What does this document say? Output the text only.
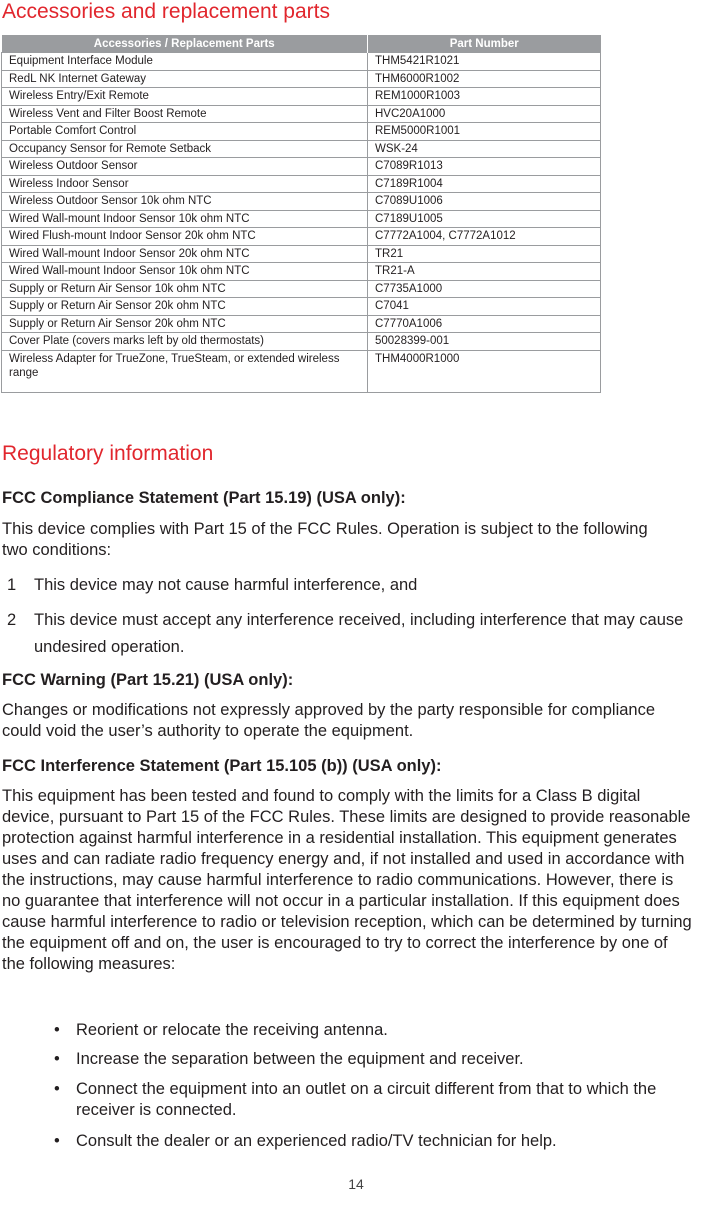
Accessories and replacement parts
Accessories / Replacement Parts	Part Number

Equipment Interface Module	THM5421R1021

RedL NK Internet Gateway	THM6000R1002

Wireless Entry/Exit Remote	REM1000R1003

Wireless Vent and Filter Boost Remote	HVC20A1000

Portable Comfort Control	REM5000R1001

Occupancy Sensor for Remote Setback	WSK-24

Wireless Outdoor Sensor	C7089R1013

Wireless Indoor Sensor	C7189R1004

Wireless Outdoor Sensor 10k ohm NTC	C7089U1006

Wired Wall-mount Indoor Sensor 10k ohm NTC	C7189U1005

Wired Flush-mount Indoor Sensor 20k ohm NTC	C7772A1004, C7772A1012

Wired Wall-mount Indoor Sensor 20k ohm NTC	TR21

Wired Wall-mount Indoor Sensor 10k ohm NTC	TR21-A

Supply or Return Air Sensor 10k ohm NTC	C7735A1000

Supply or Return Air Sensor 20k ohm NTC	C7041

Supply or Return Air Sensor 20k ohm NTC	C7770A1006

Cover Plate (covers marks left by old thermostats)	50028399-001

Wireless Adapter for TrueZone, TrueSteam, or extended wireless range	THM4000R1000
Regulatory information

FCC Compliance Statement (Part 15.19) (USA only):

This device complies with Part 15 of the FCC Rules. Operation is subject to the following two conditions:

1 This device may not cause harmful interference, and
2 This device must accept any interference received, including interference that may cause undesired operation.

FCC Warning (Part 15.21) (USA only):

Changes or modifications not expressly approved by the party responsible for compliance could void the user’s authority to operate the equipment.

FCC Interference Statement (Part 15.105 (b)) (USA only):

This equipment has been tested and found to comply with the limits for a Class B digital device, pursuant to Part 15 of the FCC Rules. These limits are designed to provide reasonable protection against harmful interference in a residential installation. This equipment generates uses and can radiate radio frequency energy and, if not installed and used in accordance with the instructions, may cause harmful interference to radio communications. However, there is no guarantee that interference will not occur in a particular installation. If this equipment does cause harmful interference to radio or television reception, which can be determined by turning the equipment off and on, the user is encouraged to try to correct the interference by one of the following measures:

• Reorient or relocate the receiving antenna.
• Increase the separation between the equipment and receiver.
• Connect the equipment into an outlet on a circuit different from that to which the receiver is connected.
• Consult the dealer or an experienced radio/TV technician for help.
14
